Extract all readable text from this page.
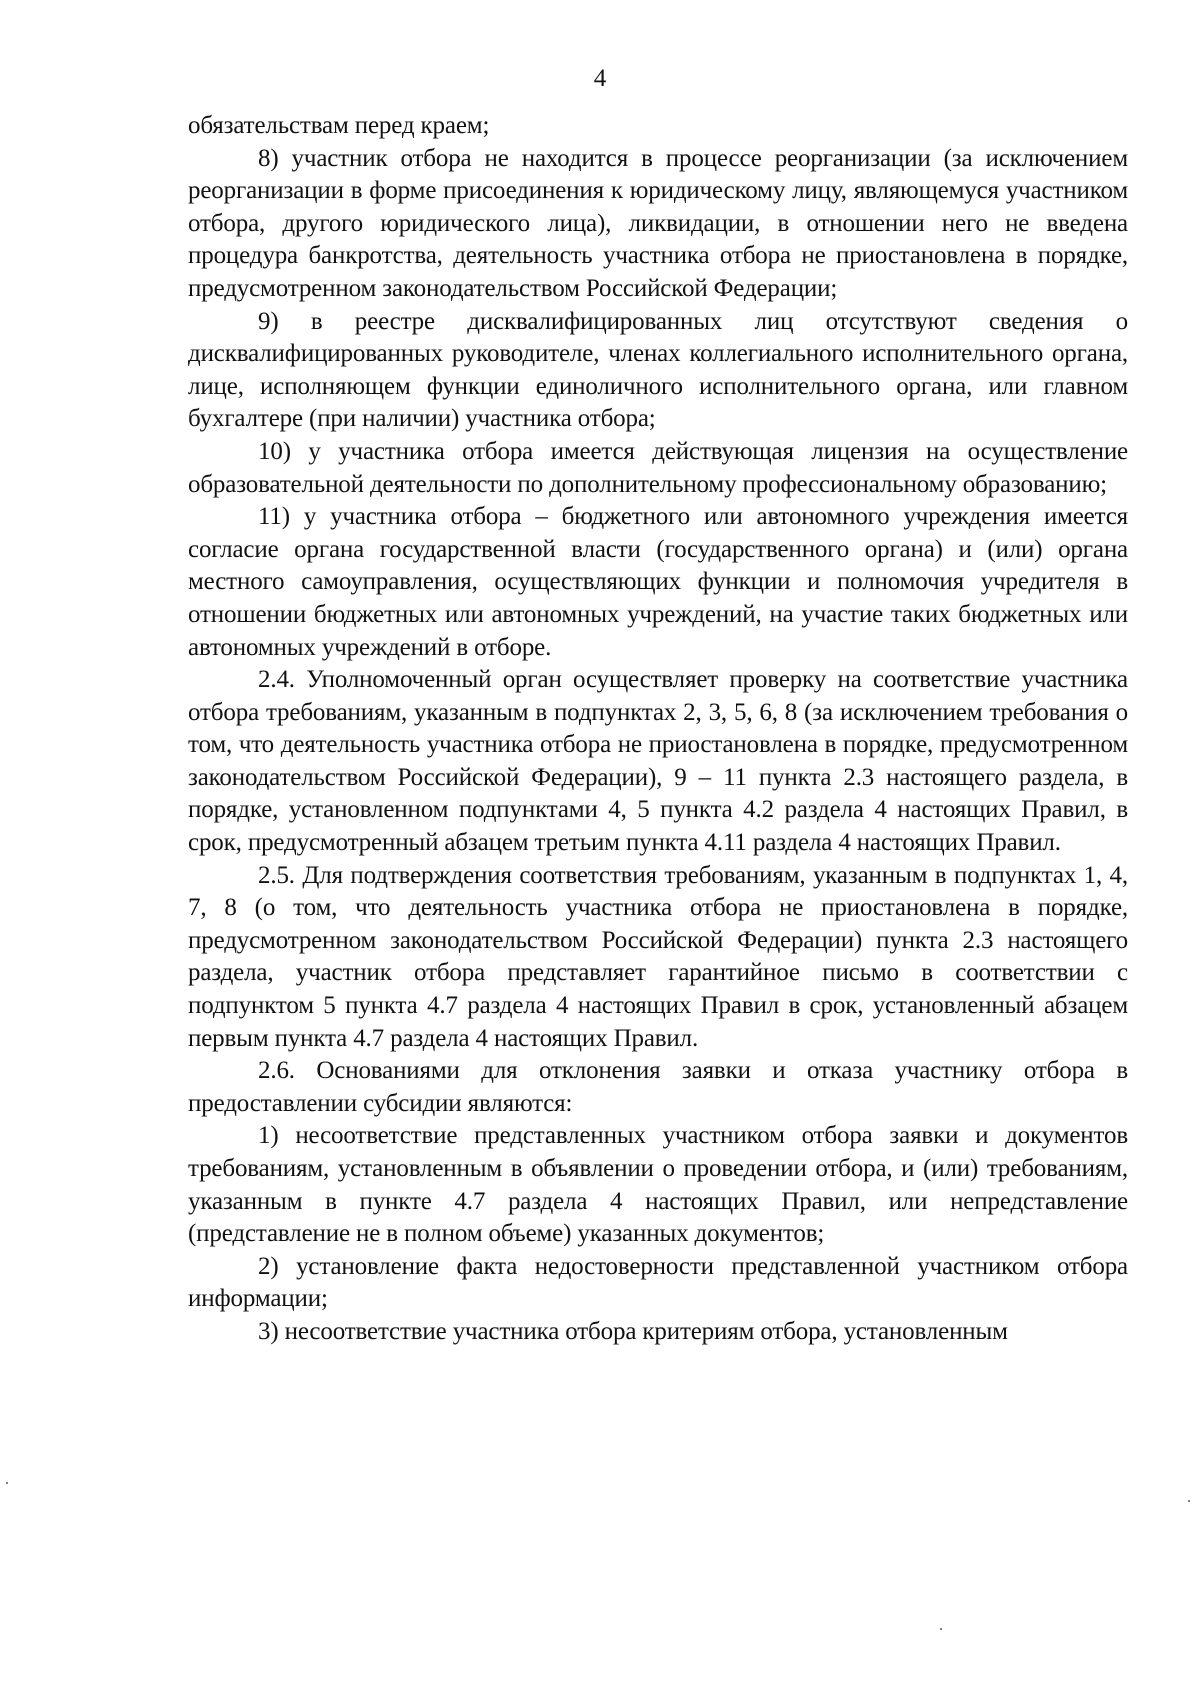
4

обязательствам перед краем;

8) участник отбора не находится в процессе реорганизации (за исключением реорганизации в форме присоединения к юридическому лицу, являющемуся участником отбора, другого юридического лица), ликвидации, в отношении него не введена процедура банкротства, деятельность участника отбора не приостановлена в порядке, предусмотренном законодательством Российской Федерации;

9) в реестре дисквалифицированных лиц отсутствуют сведения о дисквалифицированных руководителе, членах коллегиального исполнительного органа, лице, исполняющем функции единоличного исполнительного органа, или главном бухгалтере (при наличии) участника отбора;

10) у участника отбора имеется действующая лицензия на осуществление образовательной деятельности по дополнительному профессиональному образованию;

11) у участника отбора – бюджетного или автономного учреждения имеется согласие органа государственной власти (государственного органа) и (или) органа местного самоуправления, осуществляющих функции и полномочия учредителя в отношении бюджетных или автономных учреждений, на участие таких бюджетных или автономных учреждений в отборе.

2.4. Уполномоченный орган осуществляет проверку на соответствие участника отбора требованиям, указанным в подпунктах 2, 3, 5, 6, 8 (за исключением требования о том, что деятельность участника отбора не приостановлена в порядке, предусмотренном законодательством Российской Федерации), 9 – 11 пункта 2.3 настоящего раздела, в порядке, установленном подпунктами 4, 5 пункта 4.2 раздела 4 настоящих Правил, в срок, предусмотренный абзацем третьим пункта 4.11 раздела 4 настоящих Правил.

2.5. Для подтверждения соответствия требованиям, указанным в подпунктах 1, 4, 7, 8 (о том, что деятельность участника отбора не приостановлена в порядке, предусмотренном законодательством Российской Федерации) пункта 2.3 настоящего раздела, участник отбора представляет гарантийное письмо в соответствии с подпунктом 5 пункта 4.7 раздела 4 настоящих Правил в срок, установленный абзацем первым пункта 4.7 раздела 4 настоящих Правил.

2.6. Основаниями для отклонения заявки и отказа участнику отбора в предоставлении субсидии являются:

1) несоответствие представленных участником отбора заявки и документов требованиям, установленным в объявлении о проведении отбора, и (или) требованиям, указанным в пункте 4.7 раздела 4 настоящих Правил, или непредставление (представление не в полном объеме) указанных документов;

2) установление факта недостоверности представленной участником отбора информации;

3) несоответствие участника отбора критериям отбора, установленным
